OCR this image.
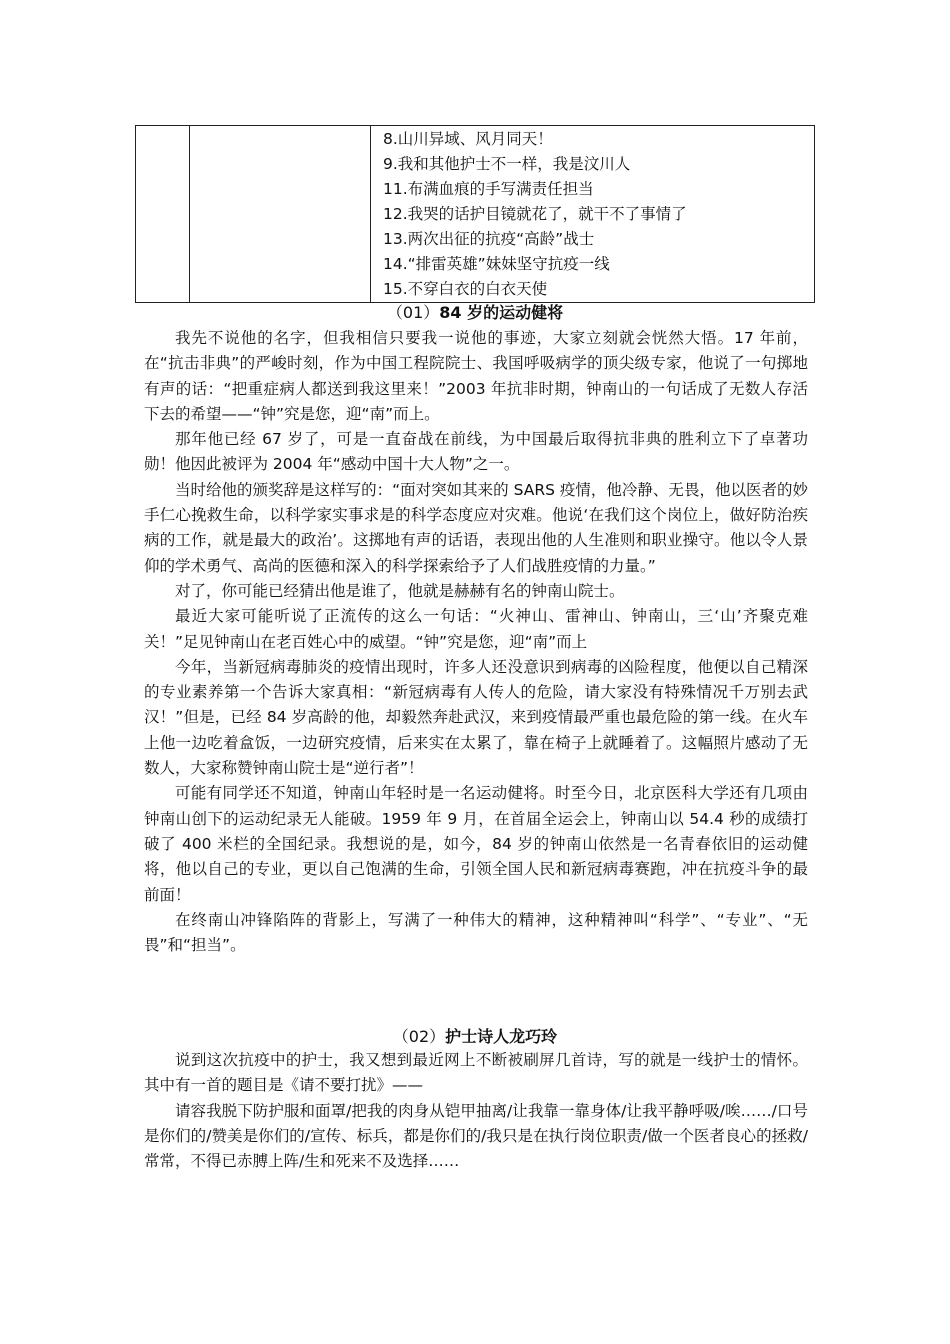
8.山川异域、风月同天！
9.我和其他护士不一样，我是汶川人
11.布满血痕的手写满责任担当
12.我哭的话护目镜就花了，就干不了事情了
13.两次出征的抗疫“高龄”战士
14.“排雷英雄”妹妹坚守抗疫一线
15.不穿白衣的白衣天使
（01）84 岁的运动健将

我先不说他的名字，但我相信只要我一说他的事迹，大家立刻就会恍然大悟。17 年前，在“抗击非典”的严峻时刻，作为中国工程院院士、我国呼吸病学的顶尖级专家，他说了一句掷地有声的话：“把重症病人都送到我这里来！”2003 年抗非时期，钟南山的一句话成了无数人存活下去的希望——“钟”究是您，迎“南”而上。

那年他已经 67 岁了，可是一直奋战在前线，为中国最后取得抗非典的胜利立下了卓著功勋！他因此被评为 2004 年“感动中国十大人物”之一。

当时给他的颁奖辞是这样写的：“面对突如其来的 SARS 疫情，他冷静、无畏，他以医者的妙手仁心挽救生命，以科学家实事求是的科学态度应对灾难。他说‘在我们这个岗位上，做好防治疾病的工作，就是最大的政治’。这掷地有声的话语，表现出他的人生准则和职业操守。他以令人景仰的学术勇气、高尚的医德和深入的科学探索给予了人们战胜疫情的力量。”

对了，你可能已经猜出他是谁了，他就是赫赫有名的钟南山院士。

最近大家可能听说了正流传的这么一句话：“火神山、雷神山、钟南山，三‘山’齐聚克难关！”足见钟南山在老百姓心中的威望。“钟”究是您，迎“南”而上

今年，当新冠病毒肺炎的疫情出现时，许多人还没意识到病毒的凶险程度，他便以自己精深的专业素养第一个告诉大家真相：“新冠病毒有人传人的危险，请大家没有特殊情况千万别去武汉！”但是，已经 84 岁高龄的他，却毅然奔赴武汉，来到疫情最严重也最危险的第一线。在火车上他一边吃着盒饭，一边研究疫情，后来实在太累了，靠在椅子上就睡着了。这幅照片感动了无数人，大家称赞钟南山院士是“逆行者”！

可能有同学还不知道，钟南山年轻时是一名运动健将。时至今日，北京医科大学还有几项由钟南山创下的运动纪录无人能破。1959 年 9 月，在首届全运会上，钟南山以 54.4 秒的成绩打破了 400 米栏的全国纪录。我想说的是，如今，84 岁的钟南山依然是一名青春依旧的运动健将，他以自己的专业，更以自己饱满的生命，引领全国人民和新冠病毒赛跑，冲在抗疫斗争的最前面！

在终南山冲锋陷阵的背影上，写满了一种伟大的精神，这种精神叫“科学”、“专业”、“无畏”和“担当”。

（02）护士诗人龙巧玲

说到这次抗疫中的护士，我又想到最近网上不断被刷屏几首诗，写的就是一线护士的情怀。其中有一首的题目是《请不要打扰》——

请容我脱下防护服和面罩/把我的肉身从铠甲抽离/让我靠一靠身体/让我平静呼吸/唉……/口号是你们的/赞美是你们的/宣传、标兵，都是你们的/我只是在执行岗位职责/做一个医者良心的拯救/常常，不得已赤膊上阵/生和死来不及选择……
